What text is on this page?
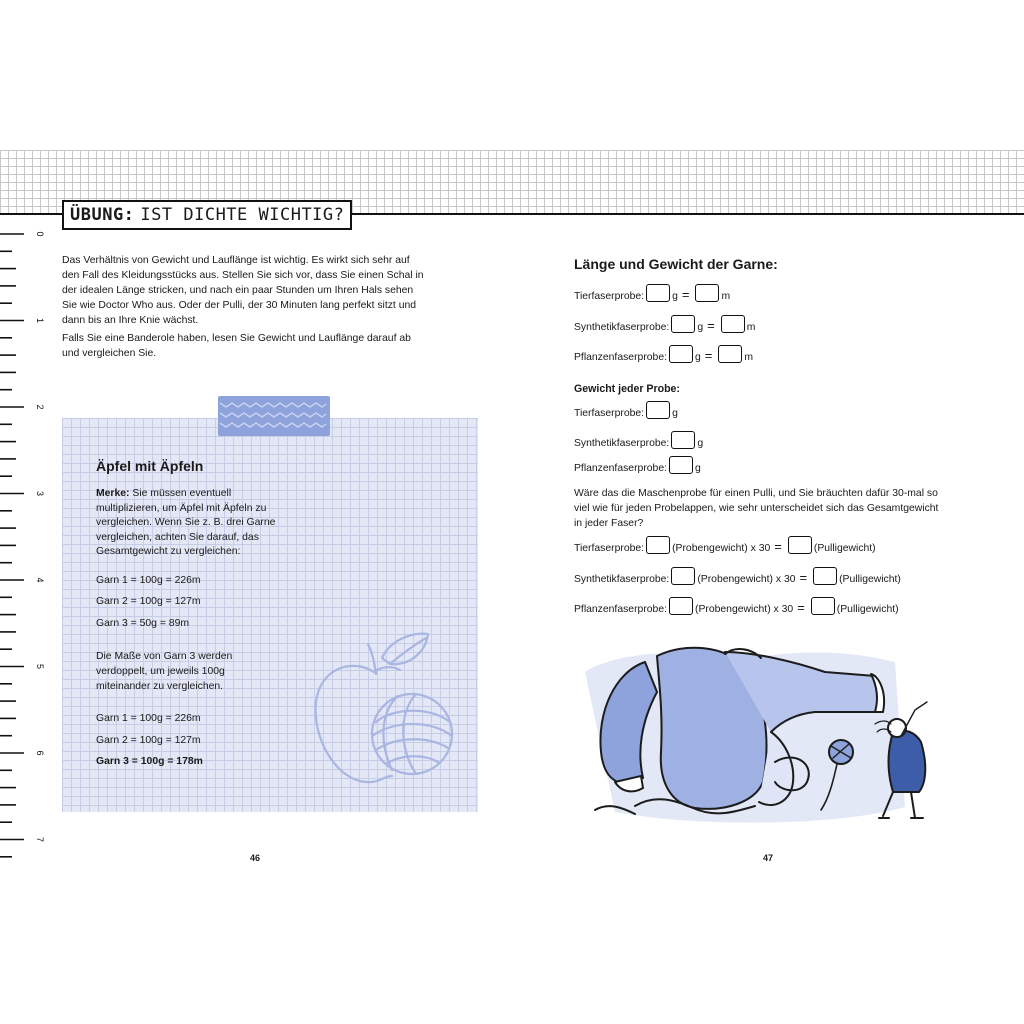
ÜBUNG: IST DICHTE WICHTIG?
0
1
2
3
4
5
6
7
Das Verhältnis von Gewicht und Lauflänge ist wichtig. Es wirkt sich sehr auf
den Fall des Kleidungsstücks aus. Stellen Sie sich vor, dass Sie einen Schal in
der idealen Länge stricken, und nach ein paar Stunden um Ihren Hals sehen
Sie wie Doctor Who aus. Oder der Pulli, der 30 Minuten lang perfekt sitzt und
dann bis an Ihre Knie wächst.
Falls Sie eine Banderole haben, lesen Sie Gewicht und Lauflänge darauf ab
und vergleichen Sie.
Äpfel mit Äpfeln
Merke: Sie müssen eventuell
multiplizieren, um Äpfel mit Äpfeln zu
vergleichen. Wenn Sie z. B. drei Garne
vergleichen, achten Sie darauf, das
Gesamtgewicht zu vergleichen:
Garn 1 = 100g = 226m
Garn 2 = 100g = 127m
Garn 3 = 50g = 89m
Die Maße von Garn 3 werden
verdoppelt, um jeweils 100g
miteinander zu vergleichen.
Garn 1 = 100g = 226m
Garn 2 = 100g = 127m
Garn 3 = 100g = 178m
46
Länge und Gewicht der Garne:
Tierfaserprobe:	g =	m
Synthetikfaserprobe:	g =	m
Pflanzenfaserprobe:	g =	m
Gewicht jeder Probe:
Tierfaserprobe:	g
Synthetikfaserprobe:	g
Pflanzenfaserprobe:	g
Wäre das die Maschenprobe für einen Pulli, und Sie bräuchten dafür 30-mal so
viel wie für jeden Probelappen, wie sehr unterscheidet sich das Gesamtgewicht
in jeder Faser?
Tierfaserprobe:	(Probengewicht) x 30 =	(Pulligewicht)
Synthetikfaserprobe:	(Probengewicht) x 30 =	(Pulligewicht)
Pflanzenfaserprobe:	(Probengewicht) x 30 =	(Pulligewicht)
47
